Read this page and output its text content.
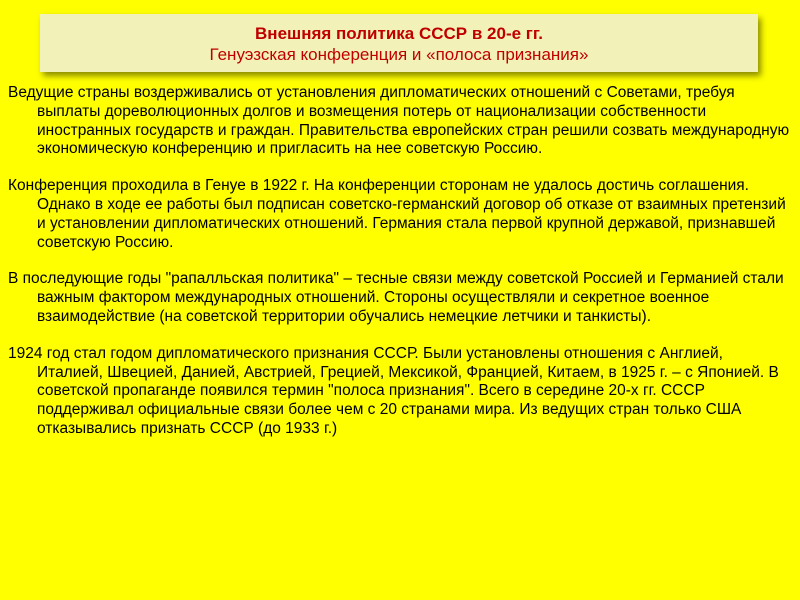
Внешняя политика СССР в 20-е гг.
Генуэзская конференция и «полоса признания»

Ведущие страны воздерживались от установления дипломатических отношений с Советами, требуя выплаты дореволюционных долгов и возмещения потерь от национализации собственности иностранных государств и граждан. Правительства европейских стран решили созвать международную экономическую конференцию и пригласить на нее советскую Россию.

Конференция проходила в Генуе в 1922 г. На конференции сторонам не удалось достичь соглашения. Однако в ходе ее работы был подписан советско-германский договор об отказе от взаимных претензий и установлении дипломатических отношений. Германия стала первой крупной державой, признавшей советскую Россию.

В последующие годы "рапалльская политика" – тесные связи между советской Россией и Германией стали важным фактором международных отношений. Стороны осуществляли и секретное военное взаимодействие (на советской территории обучались немецкие летчики и танкисты).

1924 год стал годом дипломатического признания СССР. Были установлены отношения с Англией, Италией, Швецией, Данией, Австрией, Грецией, Мексикой, Францией, Китаем, в 1925 г. – с Японией. В советской пропаганде появился термин "полоса признания". Всего в середине 20-х гг. СССР поддерживал официальные связи более чем с 20 странами мира. Из ведущих стран только США отказывались признать СССР (до 1933 г.)
